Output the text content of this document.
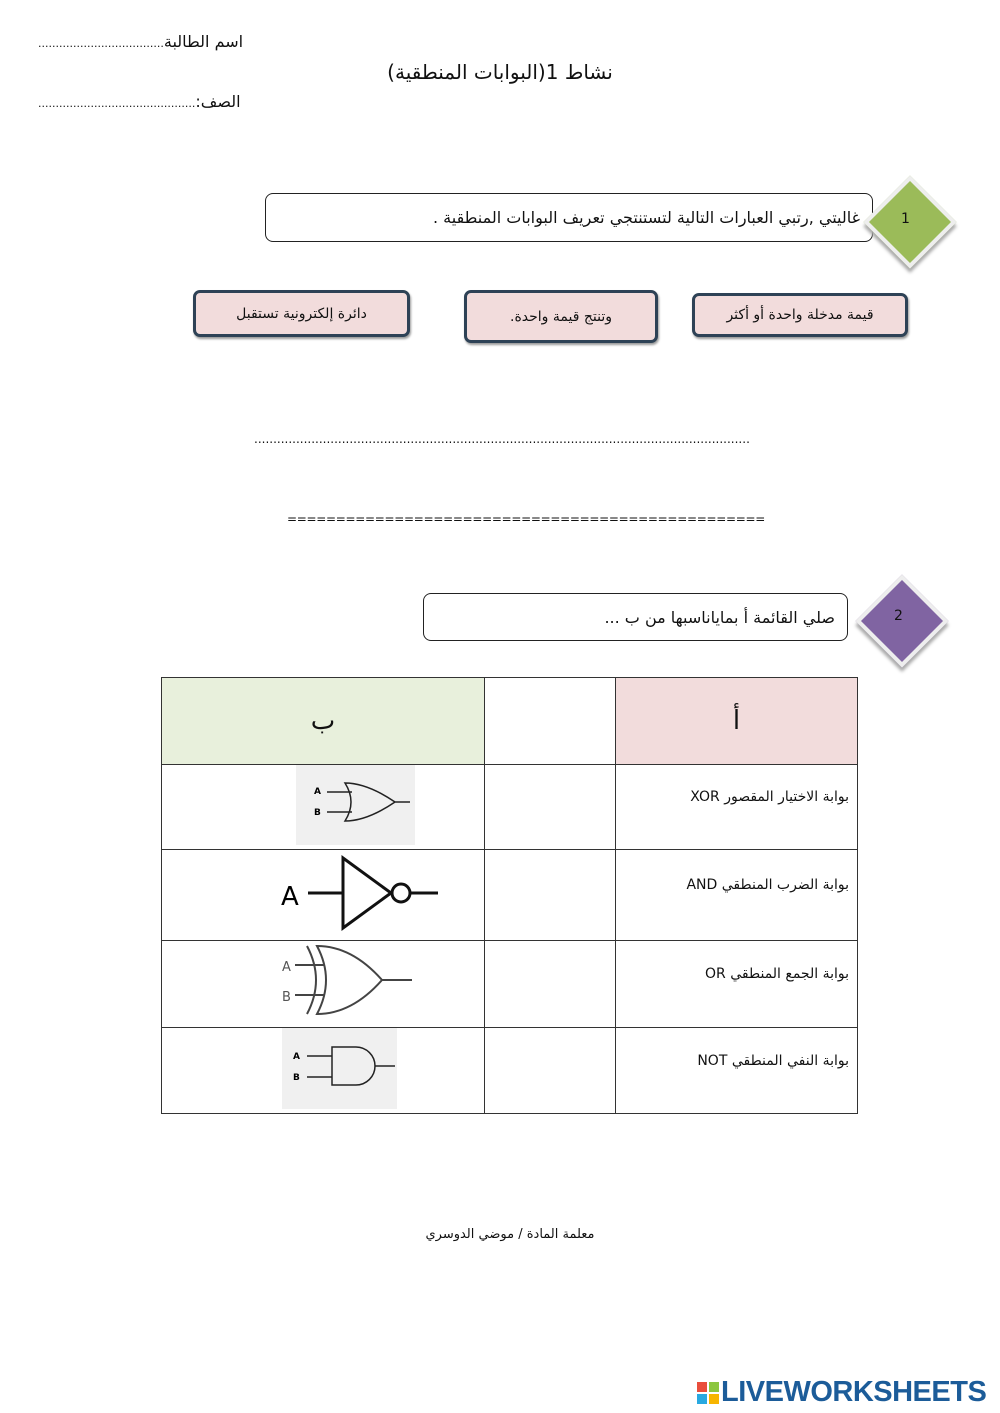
اسم الطالبة....................................
نشاط 1(البوابات المنطقية)
الصف:.............................................
غاليتي ,رتبي العبارات التالية لتستنتجي تعريف البوابات المنطقية .	1
قيمة مدخلة واحدة أو أكثر
وتنتج قيمة واحدة.
دائرة إلكترونية تستقبل
..................................................................................................................................
=================================================
صلي القائمة أ بماياناسبها من ب ...	2
ب		أ

A
B		بوابة الاختيار المقصور XOR

A		بوابة الضرب المنطقي AND

A
B		بوابة الجمع المنطقي OR

A
B		بوابة النفي المنطقي NOT
معلمة المادة / موضي الدوسري
LIVEWORKSHEETS
